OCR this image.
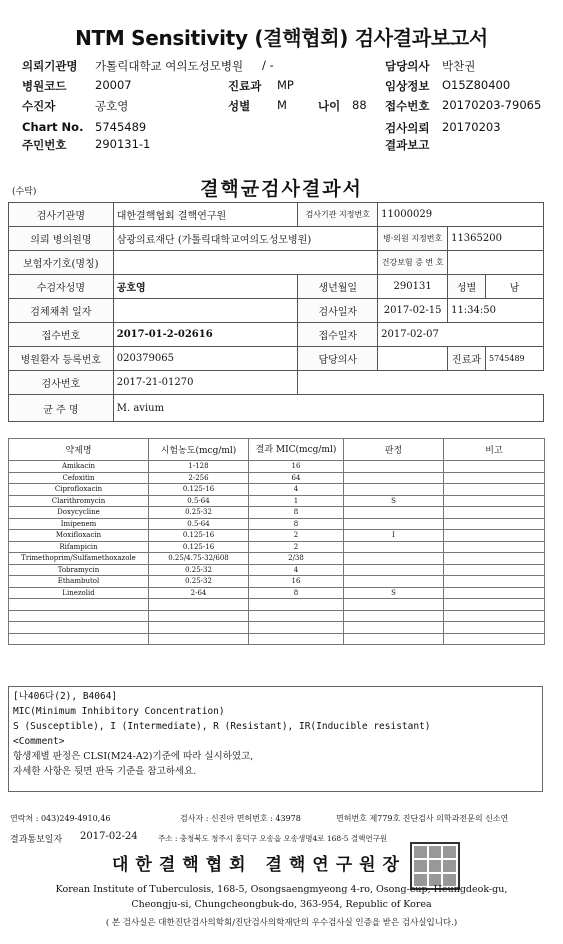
NTM Sensitivity (결핵협회) 검사결과보고서
의뢰기관명 가톨릭대학교 여의도성모병원 / -	담당의사 박찬권
병원코드 20007	진료과 MP	임상정보 O15Z80400
수진자	공호영	성별 M	나이 88 접수번호 20170203-79065
Chart No. 5745489	검사의뢰 20170203
주민번호 290131-1	결과보고
(수탁)	결핵균검사결과서
검사기관명	대한결핵협회 결핵연구원	검사기관 지정번호	11000029		
의뢰 병의원명	삼광의료재단 (가톨릭대학교여의도성모병원)		병·의원 지정번호	11365200	
보험자기호(명칭)			건강보험 증 번 호		
수검자성명	공호영	생년월일	290131	성별	남
검체채취 일자		검사일자	2017-02-15	11:34:50	
접수번호	2017-01-2-02616	접수일자	2017-02-07		
병원환자 등록번호	020379065	담당의사		진료과	5745489
검사번호	2017-21-01270				
균 주 명	M. avium				
약제명	시험농도(mcg/ml)	결과 MIC(mcg/ml)	판정	비고
Amikacin	1-128	16		
Cefoxitin	2-256	64		
Ciprofloxacin	0.125-16	4		
Clarithromycin	0.5-64	1	S	
Doxycycline	0.25-32	8		
Imipenem	0.5-64	8		
Moxifloxacin	0.125-16	2	I	
Rifampicin	0.125-16	2		
Trimethoprim/Sulfamethoxazole	0.25/4.75-32/608	2/38		
Tobramycin	0.25-32	4		
Ethambutol	0.25-32	16		
Linezolid	2-64	8	S	

[나406다(2), B4064]
MIC(Minimum Inhibitory Concentration)
S (Susceptible), I (Intermediate), R (Resistant), IR(Inducible resistant)
<Comment>
항생제별 판정은 CLSI(M24-A2)기준에 따라 실시하였고,
자세한 사항은 뒷면 판독 기준을 참고하세요.
연락처 : 043)249-4910,46	검사자 : 신진아 면허번호 : 43978	면허번호 제779호 진단검사 의학과전문의 신소연
결과통보일자 2017-02-24	주소 : 충청북도 청주시 흥덕구 오송읍 오송생명4로 168-5 결핵연구원
대한결핵협회 결핵연구원장
Korean Institute of Tuberculosis, 168-5, Osongsaengmyeong 4-ro, Osong-eup, Heungdeok-gu,
Cheongju-si, Chungcheongbuk-do, 363-954, Republic of Korea
( 본 검사실은 대한진단검사의학회/진단검사의학재단의 우수검사실 인증을 받은 검사실입니다.)
